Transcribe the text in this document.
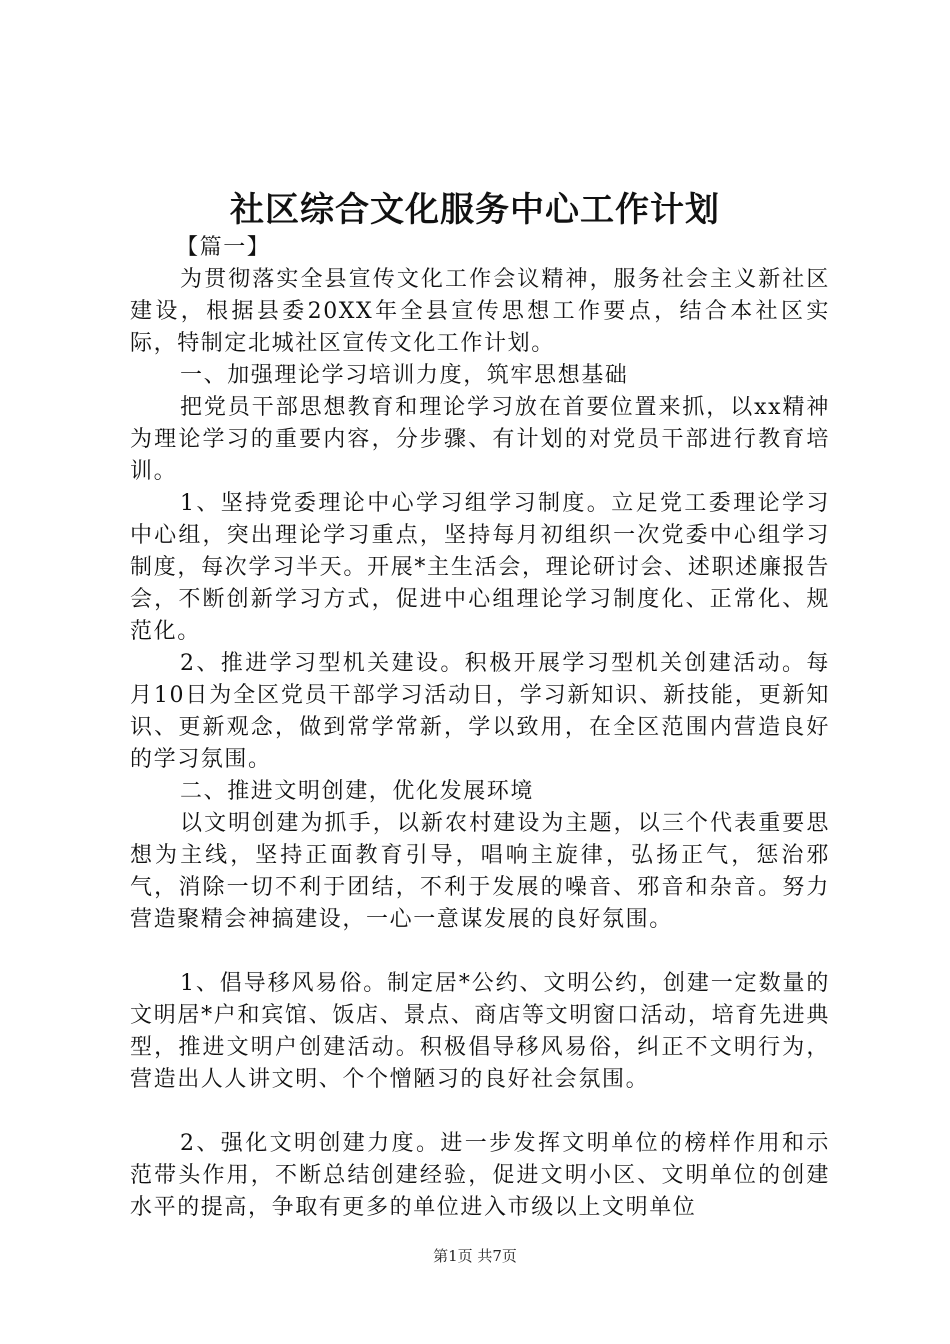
社区综合文化服务中心工作计划

【篇一】

为贯彻落实全县宣传文化工作会议精神，服务社会主义新社区建设，根据县委20XX年全县宣传思想工作要点，结合本社区实际，特制定北城社区宣传文化工作计划。

一、加强理论学习培训力度，筑牢思想基础

把党员干部思想教育和理论学习放在首要位置来抓，以xx精神为理论学习的重要内容，分步骤、有计划的对党员干部进行教育培训。

1、坚持党委理论中心学习组学习制度。立足党工委理论学习中心组，突出理论学习重点，坚持每月初组织一次党委中心组学习制度，每次学习半天。开展*主生活会，理论研讨会、述职述廉报告会，不断创新学习方式，促进中心组理论学习制度化、正常化、规范化。

2、推进学习型机关建设。积极开展学习型机关创建活动。每月10日为全区党员干部学习活动日，学习新知识、新技能，更新知识、更新观念，做到常学常新，学以致用，在全区范围内营造良好的学习氛围。

二、推进文明创建，优化发展环境

以文明创建为抓手，以新农村建设为主题，以三个代表重要思想为主线，坚持正面教育引导，唱响主旋律，弘扬正气，惩治邪气，消除一切不利于团结，不利于发展的噪音、邪音和杂音。努力营造聚精会神搞建设，一心一意谋发展的良好氛围。

1、倡导移风易俗。制定居*公约、文明公约，创建一定数量的文明居*户和宾馆、饭店、景点、商店等文明窗口活动，培育先进典型，推进文明户创建活动。积极倡导移风易俗，纠正不文明行为，营造出人人讲文明、个个憎陋习的良好社会氛围。

2、强化文明创建力度。进一步发挥文明单位的榜样作用和示范带头作用，不断总结创建经验，促进文明小区、文明单位的创建水平的提高，争取有更多的单位进入市级以上文明单位

第1页 共7页
